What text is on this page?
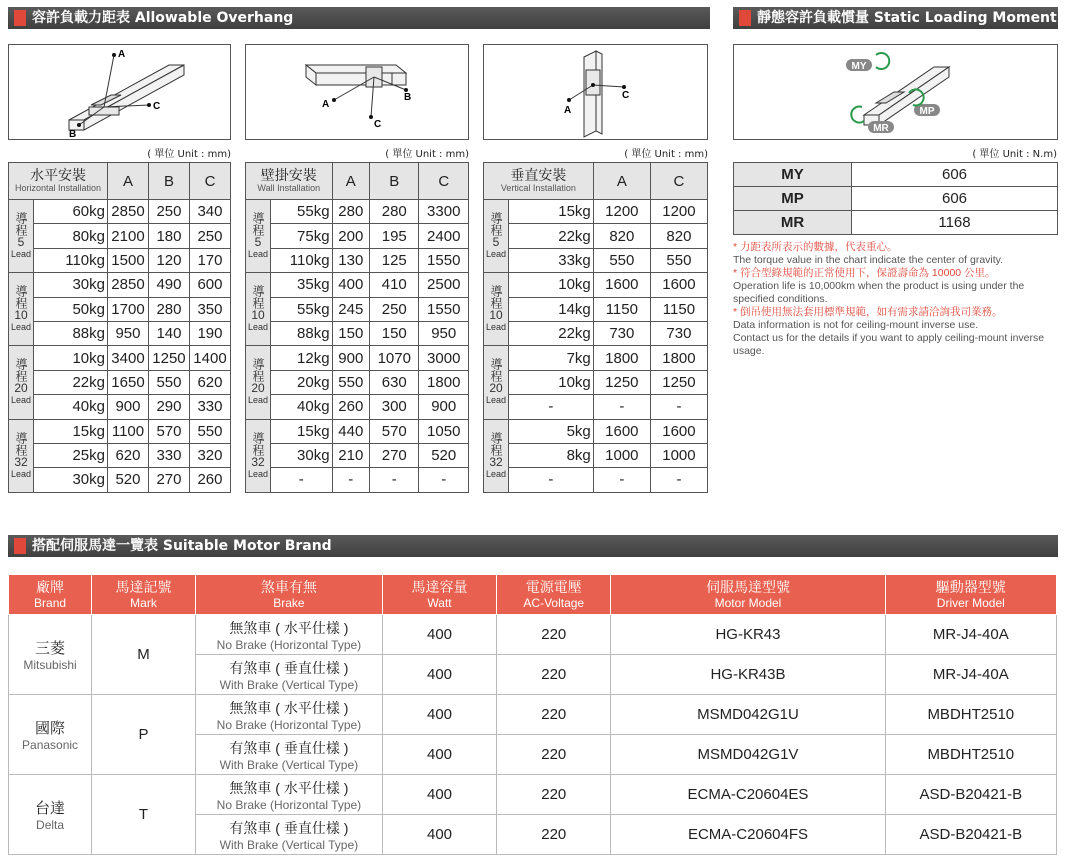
容許負載力距表 Allowable Overhang	靜態容許負載慣量 Static Loading Moment
搭配伺服馬達一覽表 Suitable Motor Brand
A
C
B
( 單位 Unit : mm)
A
B
C
( 單位 Unit : mm)
A
C
( 單位 Unit : mm)
MY
MP
MR
( 單位 Unit : N.m)
水平安裝
Horizontal Installation		A	B	C

導程
5
Lead	60kg	2850	250	340
	80kg	2100	180	250
	110kg	1500	120	170

導程
10
Lead	30kg	2850	490	600
	50kg	1700	280	350
	88kg	950	140	190

導程
20
Lead	10kg	3400	1250	1400
	22kg	1650	550	620
	40kg	900	290	330

導程
32
Lead	15kg	1100	570	550
	25kg	620	330	320
	30kg	520	270	260
壁掛安裝
Wall Installation		A	B	C

導程
5
Lead	55kg	280	280	3300
	75kg	200	195	2400
	110kg	130	125	1550

導程
10
Lead	35kg	400	410	2500
	55kg	245	250	1550
	88kg	150	150	950

導程
20
Lead	12kg	900	1070	3000
	20kg	550	630	1800
	40kg	260	300	900

導程
32
Lead	15kg	440	570	1050
	30kg	210	270	520
	-	-	-	-
垂直安裝
Vertical Installation		A	C

導程
5
Lead	15kg	1200	1200
	22kg	820	820
	33kg	550	550

導程
10
Lead	10kg	1600	1600
	14kg	1150	1150
	22kg	730	730

導程
20
Lead	7kg	1800	1800
	10kg	1250	1250
	-	-	-

導程
32
Lead	5kg	1600	1600
	8kg	1000	1000
	-	-	-
MY	606
MP	606
MR	1168
* 力距表所表示的數據，代表重心。
The torque value in the chart indicate the center of gravity.
* 符合型錄規範的正常使用下，保證壽命為 10000 公里。
Operation life is 10,000km when the product is using under the specified conditions.
* 倒吊使用無法套用標準規範，如有需求請洽詢我司業務。
Data information is not for ceiling-mount inverse use.
Contact us for the details if you want to apply ceiling-mount inverse usage.
廠牌
Brand	馬達記號
Mark	煞車有無
Brake	馬達容量
Watt	電源電壓
AC-Voltage	伺服馬達型號
Motor Model	驅動器型號
Driver Model

三菱
Mitsubishi	M	無煞車 ( 水平仕樣 )
No Brake (Horizontal Type)	400	220	HG-KR43	MR-J4-40A

		有煞車 ( 垂直仕樣 )
With Brake (Vertical Type)	400	220	HG-KR43B	MR-J4-40A

國際
Panasonic	P	無煞車 ( 水平仕樣 )
No Brake (Horizontal Type)	400	220	MSMD042G1U	MBDHT2510

		有煞車 ( 垂直仕樣 )
With Brake (Vertical Type)	400	220	MSMD042G1V	MBDHT2510

台達
Delta	T	無煞車 ( 水平仕樣 )
No Brake (Horizontal Type)	400	220	ECMA-C20604ES	ASD-B20421-B

		有煞車 ( 垂直仕樣 )
With Brake (Vertical Type)	400	220	ECMA-C20604FS	ASD-B20421-B
